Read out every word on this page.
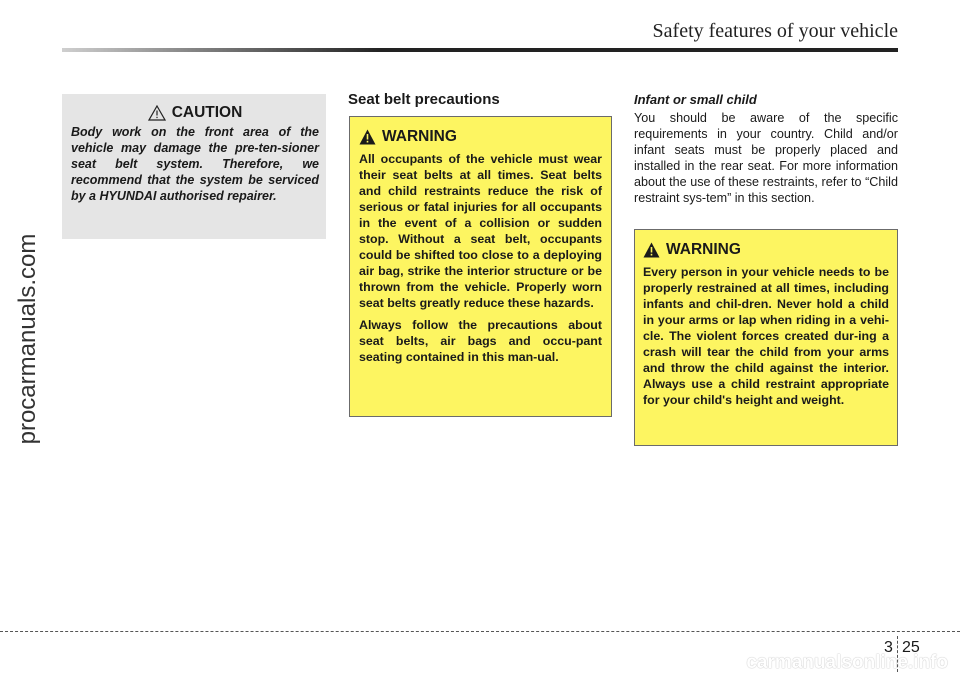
Safety features of your vehicle
procarmanuals.com
CAUTION
Body work on the front area of the vehicle may damage the pre-ten-sioner seat belt system. Therefore, we recommend that the system be serviced by a HYUNDAI authorised repairer.
Seat belt precautions
WARNING

All occupants of the vehicle must wear their seat belts at all times. Seat belts and child restraints reduce the risk of serious or fatal injuries for all occupants in the event of a collision or sudden stop. Without a seat belt, occupants could be shifted too close to a deploying air bag, strike the interior structure or be thrown from the vehicle. Properly worn seat belts greatly reduce these hazards.

Always follow the precautions about seat belts, air bags and occu-pant seating contained in this man-ual.

Infant or small child
You should be aware of the specific requirements in your country. Child and/or infant seats must be properly placed and installed in the rear seat. For more information about the use of these restraints, refer to “Child restraint sys-tem” in this section.
WARNING

Every person in your vehicle needs to be properly restrained at all times, including infants and chil-dren. Never hold a child in your arms or lap when riding in a vehi-cle. The violent forces created dur-ing a crash will tear the child from your arms and throw the child against the interior. Always use a child restraint appropriate for your child's height and weight.

3 25
carmanualsonline.info
